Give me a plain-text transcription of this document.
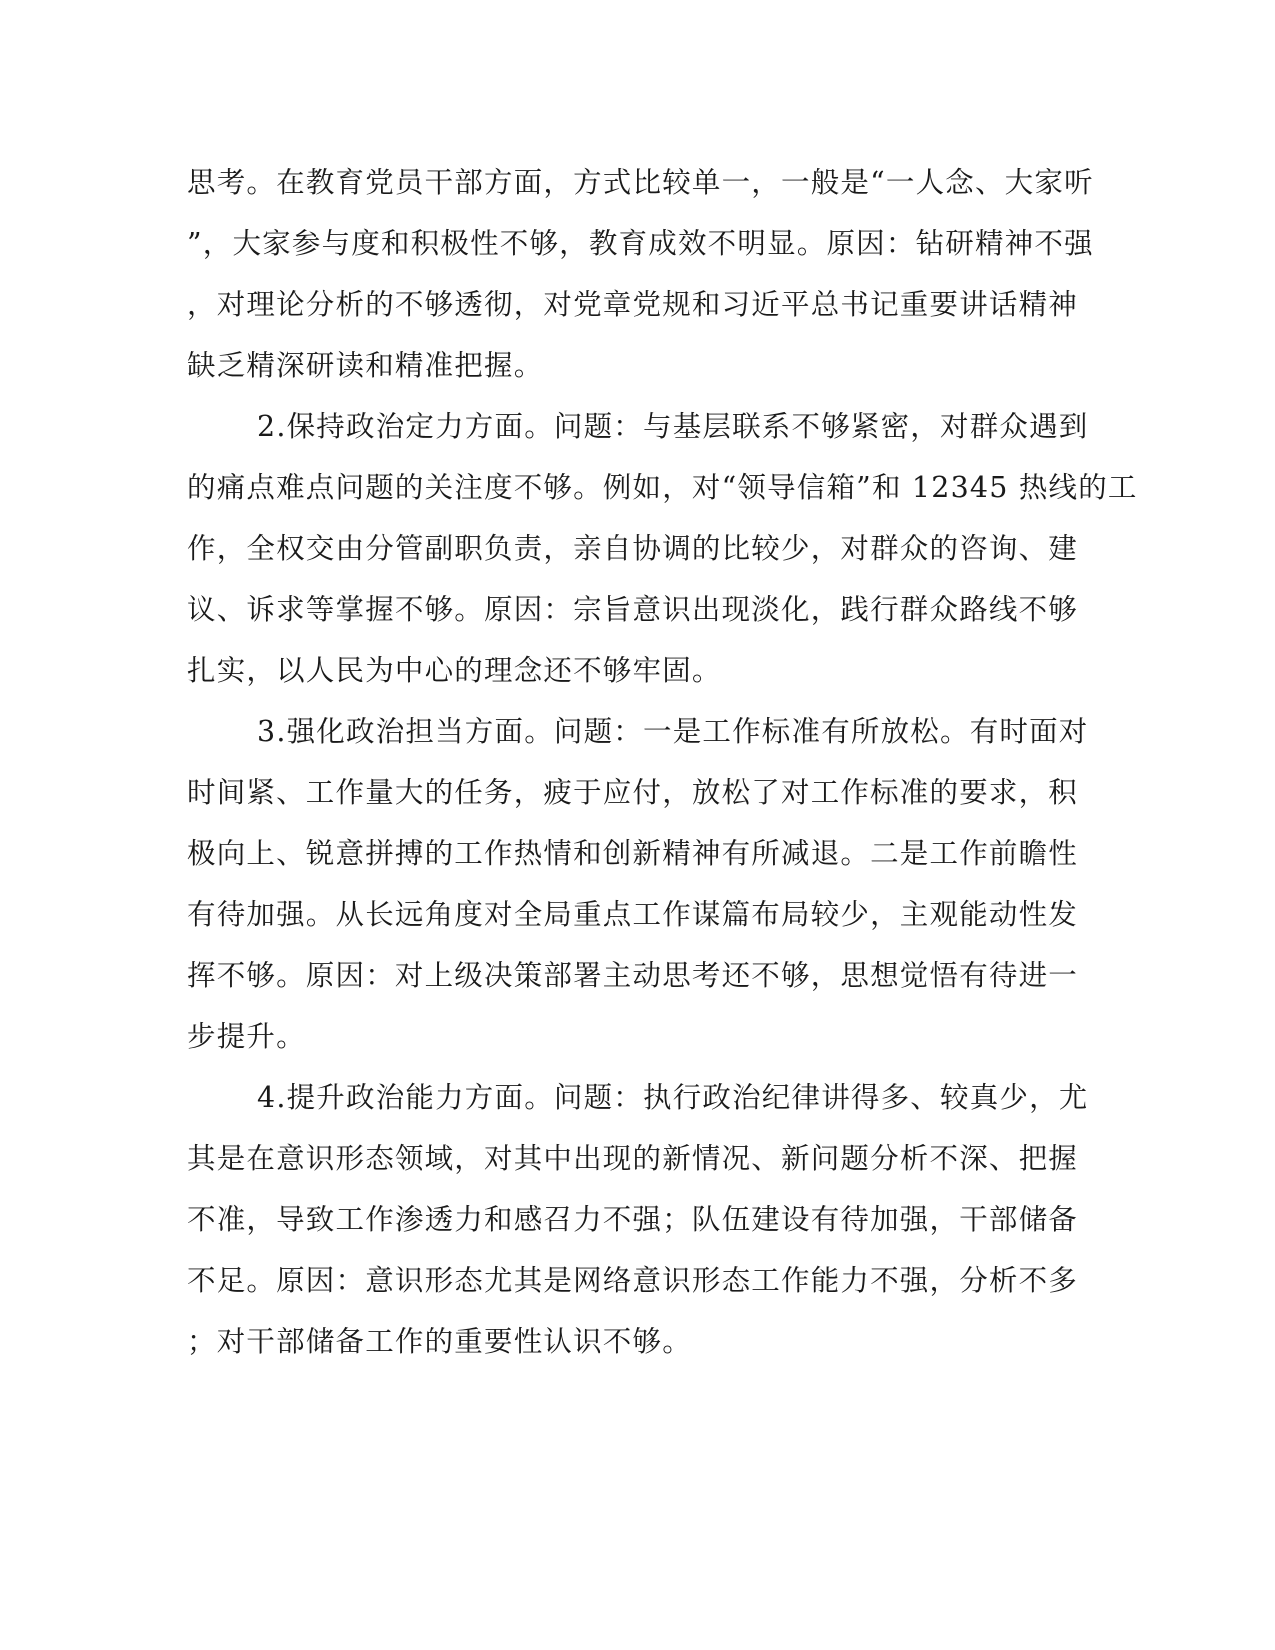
思考。在教育党员干部方面，方式比较单一，一般是“一人念、大家听
”，大家参与度和积极性不够，教育成效不明显。原因：钻研精神不强
，对理论分析的不够透彻，对党章党规和习近平总书记重要讲话精神
缺乏精深研读和精准把握。
2.保持政治定力方面。问题：与基层联系不够紧密，对群众遇到
的痛点难点问题的关注度不够。例如，对“领导信箱”和 12345 热线的工
作，全权交由分管副职负责，亲自协调的比较少，对群众的咨询、建
议、诉求等掌握不够。原因：宗旨意识出现淡化，践行群众路线不够
扎实，以人民为中心的理念还不够牢固。
3.强化政治担当方面。问题：一是工作标准有所放松。有时面对
时间紧、工作量大的任务，疲于应付，放松了对工作标准的要求，积
极向上、锐意拼搏的工作热情和创新精神有所减退。二是工作前瞻性
有待加强。从长远角度对全局重点工作谋篇布局较少，主观能动性发
挥不够。原因：对上级决策部署主动思考还不够，思想觉悟有待进一
步提升。
4.提升政治能力方面。问题：执行政治纪律讲得多、较真少，尤
其是在意识形态领域，对其中出现的新情况、新问题分析不深、把握
不准，导致工作渗透力和感召力不强；队伍建设有待加强，干部储备
不足。原因：意识形态尤其是网络意识形态工作能力不强，分析不多
；对干部储备工作的重要性认识不够。
